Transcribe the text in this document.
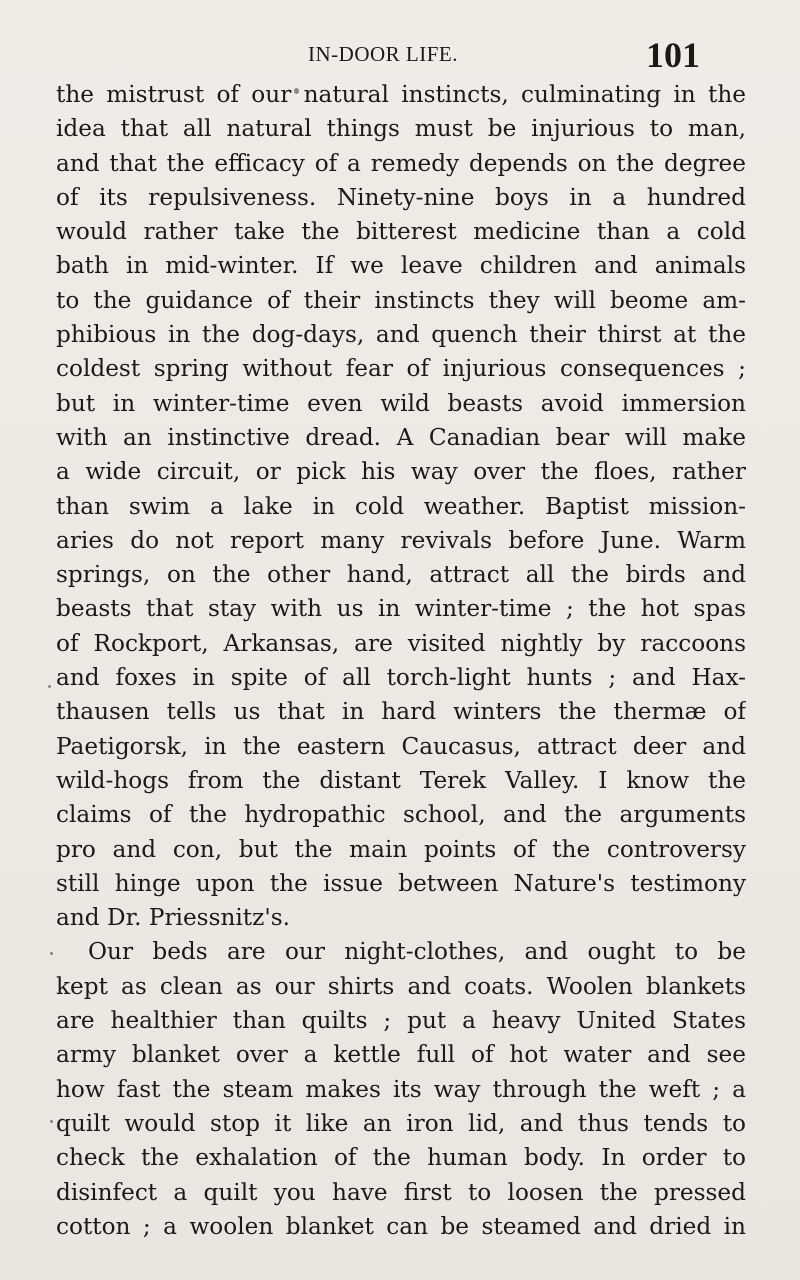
IN-DOOR LIFE.	101
the mistrust of our natural instincts, culminating in the
idea that all natural things must be injurious to man,
and that the efficacy of a remedy depends on the degree
of its repulsiveness. Ninety-nine boys in a hundred
would rather take the bitterest medicine than a cold
bath in mid-winter. If we leave children and animals
to the guidance of their instincts they will beome am-
phibious in the dog-days, and quench their thirst at the
coldest spring without fear of injurious consequences ;
but in winter-time even wild beasts avoid immersion
with an instinctive dread. A Canadian bear will make
a wide circuit, or pick his way over the floes, rather
than swim a lake in cold weather. Baptist mission-
aries do not report many revivals before June. Warm
springs, on the other hand, attract all the birds and
beasts that stay with us in winter-time ; the hot spas
of Rockport, Arkansas, are visited nightly by raccoons
and foxes in spite of all torch-light hunts ; and Hax-
thausen tells us that in hard winters the thermæ of
Paetigorsk, in the eastern Caucasus, attract deer and
wild-hogs from the distant Terek Valley. I know the
claims of the hydropathic school, and the arguments
pro and con, but the main points of the controversy
still hinge upon the issue between Nature's testimony
and Dr. Priessnitz's.
Our beds are our night-clothes, and ought to be
kept as clean as our shirts and coats. Woolen blankets
are healthier than quilts ; put a heavy United States
army blanket over a kettle full of hot water and see
how fast the steam makes its way through the weft ; a
quilt would stop it like an iron lid, and thus tends to
check the exhalation of the human body. In order to
disinfect a quilt you have first to loosen the pressed
cotton ; a woolen blanket can be steamed and dried in
